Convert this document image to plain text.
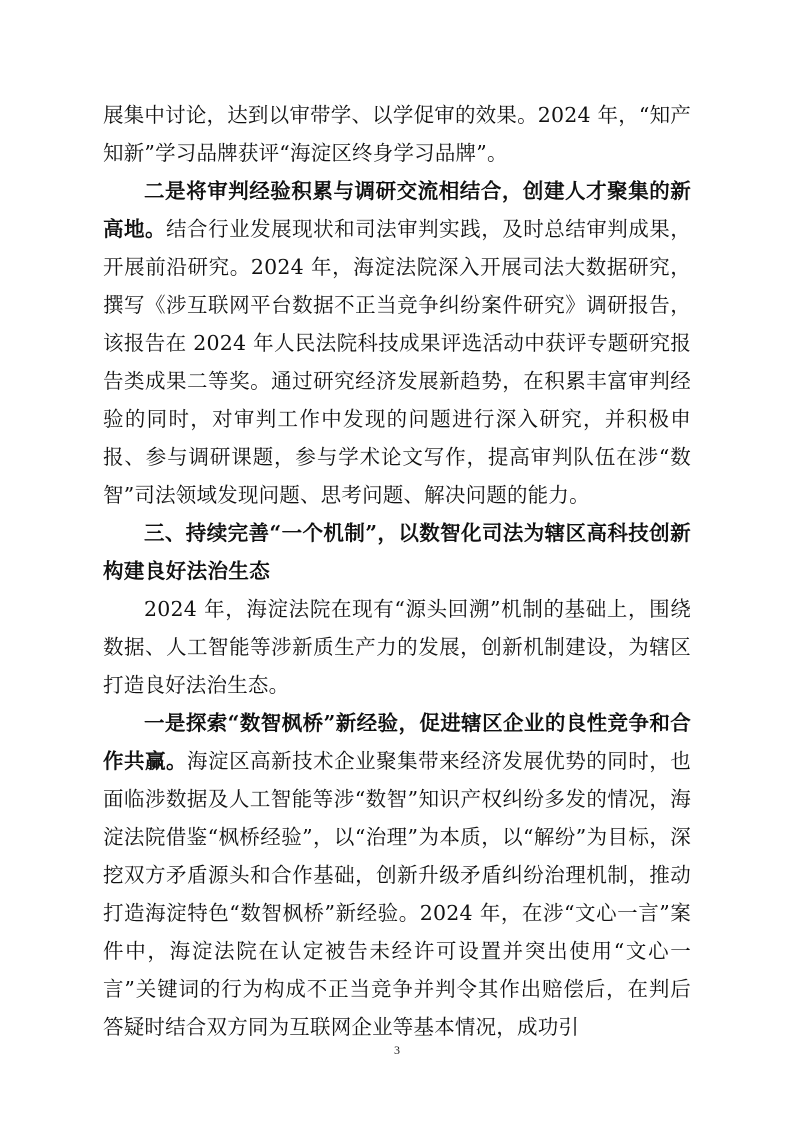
展集中讨论，达到以审带学、以学促审的效果。2024 年，“知产知新”学习品牌获评“海淀区终身学习品牌”。

二是将审判经验积累与调研交流相结合，创建人才聚集的新高地。结合行业发展现状和司法审判实践，及时总结审判成果，开展前沿研究。2024 年，海淀法院深入开展司法大数据研究，撰写《涉互联网平台数据不正当竞争纠纷案件研究》调研报告，该报告在 2024 年人民法院科技成果评选活动中获评专题研究报告类成果二等奖。通过研究经济发展新趋势，在积累丰富审判经验的同时，对审判工作中发现的问题进行深入研究，并积极申报、参与调研课题，参与学术论文写作，提高审判队伍在涉“数智”司法领域发现问题、思考问题、解决问题的能力。

三、持续完善“一个机制”，以数智化司法为辖区高科技创新构建良好法治生态

2024 年，海淀法院在现有“源头回溯”机制的基础上，围绕数据、人工智能等涉新质生产力的发展，创新机制建设，为辖区打造良好法治生态。

一是探索“数智枫桥”新经验，促进辖区企业的良性竞争和合作共赢。海淀区高新技术企业聚集带来经济发展优势的同时，也面临涉数据及人工智能等涉“数智”知识产权纠纷多发的情况，海淀法院借鉴“枫桥经验”，以“治理”为本质，以“解纷”为目标，深挖双方矛盾源头和合作基础，创新升级矛盾纠纷治理机制，推动打造海淀特色“数智枫桥”新经验。2024 年，在涉“文心一言”案件中，海淀法院在认定被告未经许可设置并突出使用“文心一言”关键词的行为构成不正当竞争并判令其作出赔偿后，在判后答疑时结合双方同为互联网企业等基本情况，成功引

3
